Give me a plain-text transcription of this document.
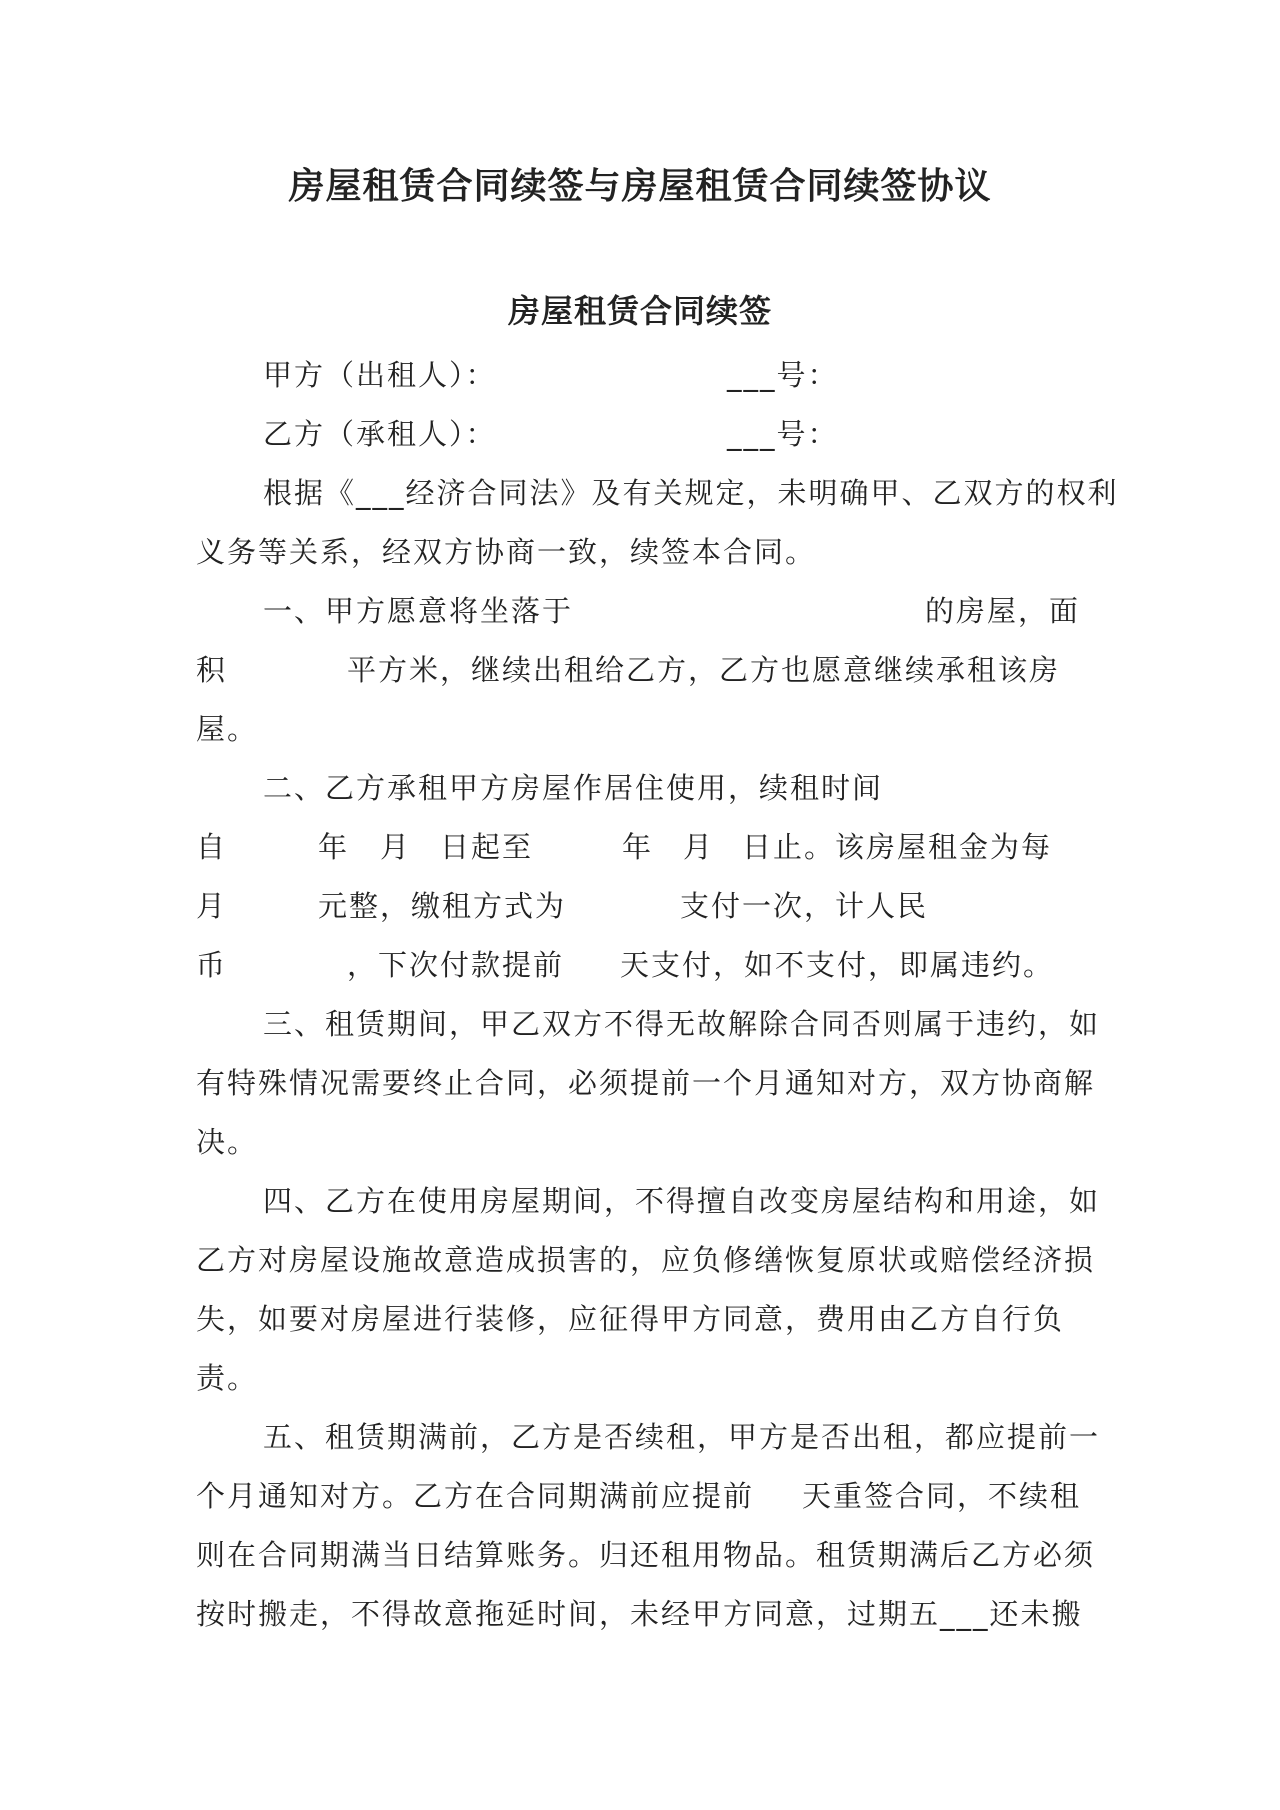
房屋租赁合同续签与房屋租赁合同续签协议
房屋租赁合同续签
甲方（出租人）：	___号：
乙方（承租人）：	___号：
根据《___经济合同法》及有关规定，未明确甲、乙双方的权利
义务等关系，经双方协商一致，续签本合同。
一、甲方愿意将坐落于	的房屋，面
积	平方米，继续出租给乙方，乙方也愿意继续承租该房
屋。
二、乙方承租甲方房屋作居住使用，续租时间
自	年 月 日起至	年 月 日止。该房屋租金为每
月	元整，缴租方式为	支付一次，计人民
币	，下次付款提前 天支付，如不支付，即属违约。
三、租赁期间，甲乙双方不得无故解除合同否则属于违约，如
有特殊情况需要终止合同，必须提前一个月通知对方，双方协商解
决。
四、乙方在使用房屋期间，不得擅自改变房屋结构和用途，如
乙方对房屋设施故意造成损害的，应负修缮恢复原状或赔偿经济损
失，如要对房屋进行装修，应征得甲方同意，费用由乙方自行负
责。
五、租赁期满前，乙方是否续租，甲方是否出租，都应提前一
个月通知对方。乙方在合同期满前应提前 天重签合同，不续租
则在合同期满当日结算账务。归还租用物品。租赁期满后乙方必须
按时搬走，不得故意拖延时间，未经甲方同意，过期五___还未搬
